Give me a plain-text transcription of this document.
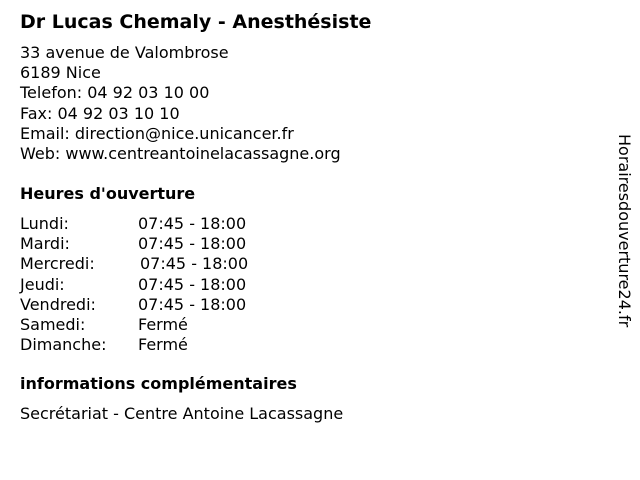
Dr Lucas Chemaly - Anesthésiste
33 avenue de Valombrose
6189 Nice
Telefon: 04 92 03 10 00
Fax: 04 92 03 10 10
Email: direction@nice.unicancer.fr
Web: www.centreantoinelacassagne.org
Heures d'ouverture
Lundi:	07:45 - 18:00
Mardi:	07:45 - 18:00
Mercredi:	07:45 - 18:00
Jeudi:	07:45 - 18:00
Vendredi:	07:45 - 18:00
Samedi:	Fermé
Dimanche: Fermé
informations complémentaires
Secrétariat - Centre Antoine Lacassagne
Horairesdouverture24.fr
